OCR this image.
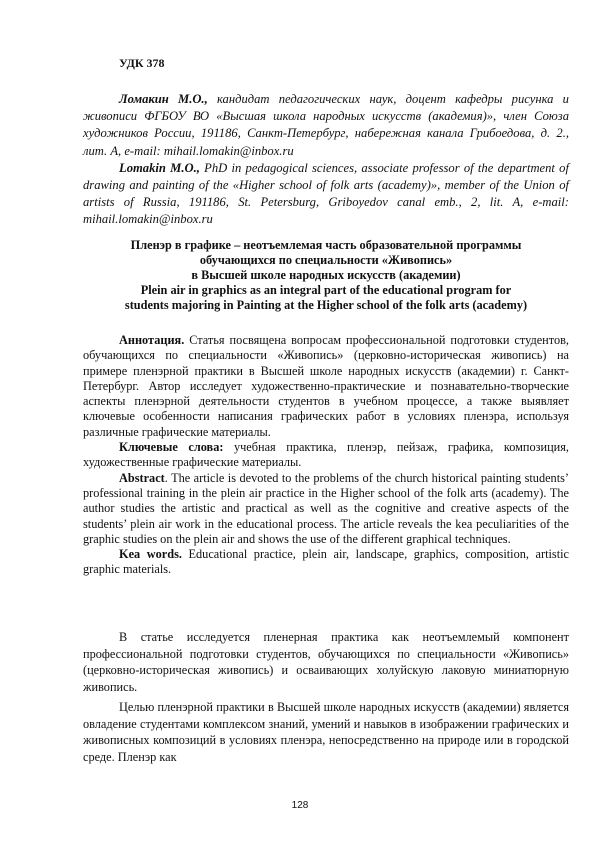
УДК 378

Ломакин М.О., кандидат педагогических наук, доцент кафедры рисунка и живописи ФГБОУ ВО «Высшая школа народных искусств (академия)», член Союза художников России, 191186, Санкт-Петербург, набережная канала Грибоедова, д. 2., лит. А, e-mail: mihail.lomakin@inbox.ru

Lomakin M.O., PhD in pedagogical sciences, associate professor of the department of drawing and painting of the «Higher school of folk arts (academy)», member of the Union of artists of Russia, 191186, St. Petersburg, Griboyedov canal emb., 2, lit. A, e-mail: mihail.lomakin@inbox.ru

Пленэр в графике – неотъемлемая часть образовательной программы
обучающихся по специальности «Живопись»
в Высшей школе народных искусств (академии)
Plein air in graphics as an integral part of the educational program for
students majoring in Painting at the Higher school of the folk arts (academy)

Аннотация. Статья посвящена вопросам профессиональной подготовки студентов, обучающихся по специальности «Живопись» (церковно-историческая живопись) на примере пленэрной практики в Высшей школе народных искусств (академии) г. Санкт-Петербург. Автор исследует художественно-практические и познавательно-творческие аспекты пленэрной деятельности студентов в учебном процессе, а также выявляет ключевые особенности написания графических работ в условиях пленэра, используя различные графические материалы.

Ключевые слова: учебная практика, пленэр, пейзаж, графика, композиция, художественные графические материалы.

Abstract. The article is devoted to the problems of the church historical painting students’ professional training in the plein air practice in the Higher school of the folk arts (academy). The author studies the artistic and practical as well as the cognitive and creative aspects of the students’ plein air work in the educational process. The article reveals the kea peculiarities of the graphic studies on the plein air and shows the use of the different graphical techniques.

Kea words. Educational practice, plein air, landscape, graphics, composition, artistic graphic materials.

В статье исследуется пленерная практика как неотъемлемый компонент профессиональной подготовки студентов, обучающихся по специальности «Живопись» (церковно-историческая живопись) и осваивающих холуйскую лаковую миниатюрную живопись.

Целью пленэрной практики в Высшей школе народных искусств (академии) является овладение студентами комплексом знаний, умений и навыков в изображении графических и живописных композиций в условиях пленэра, непосредственно на природе или в городской среде. Пленэр как

128
